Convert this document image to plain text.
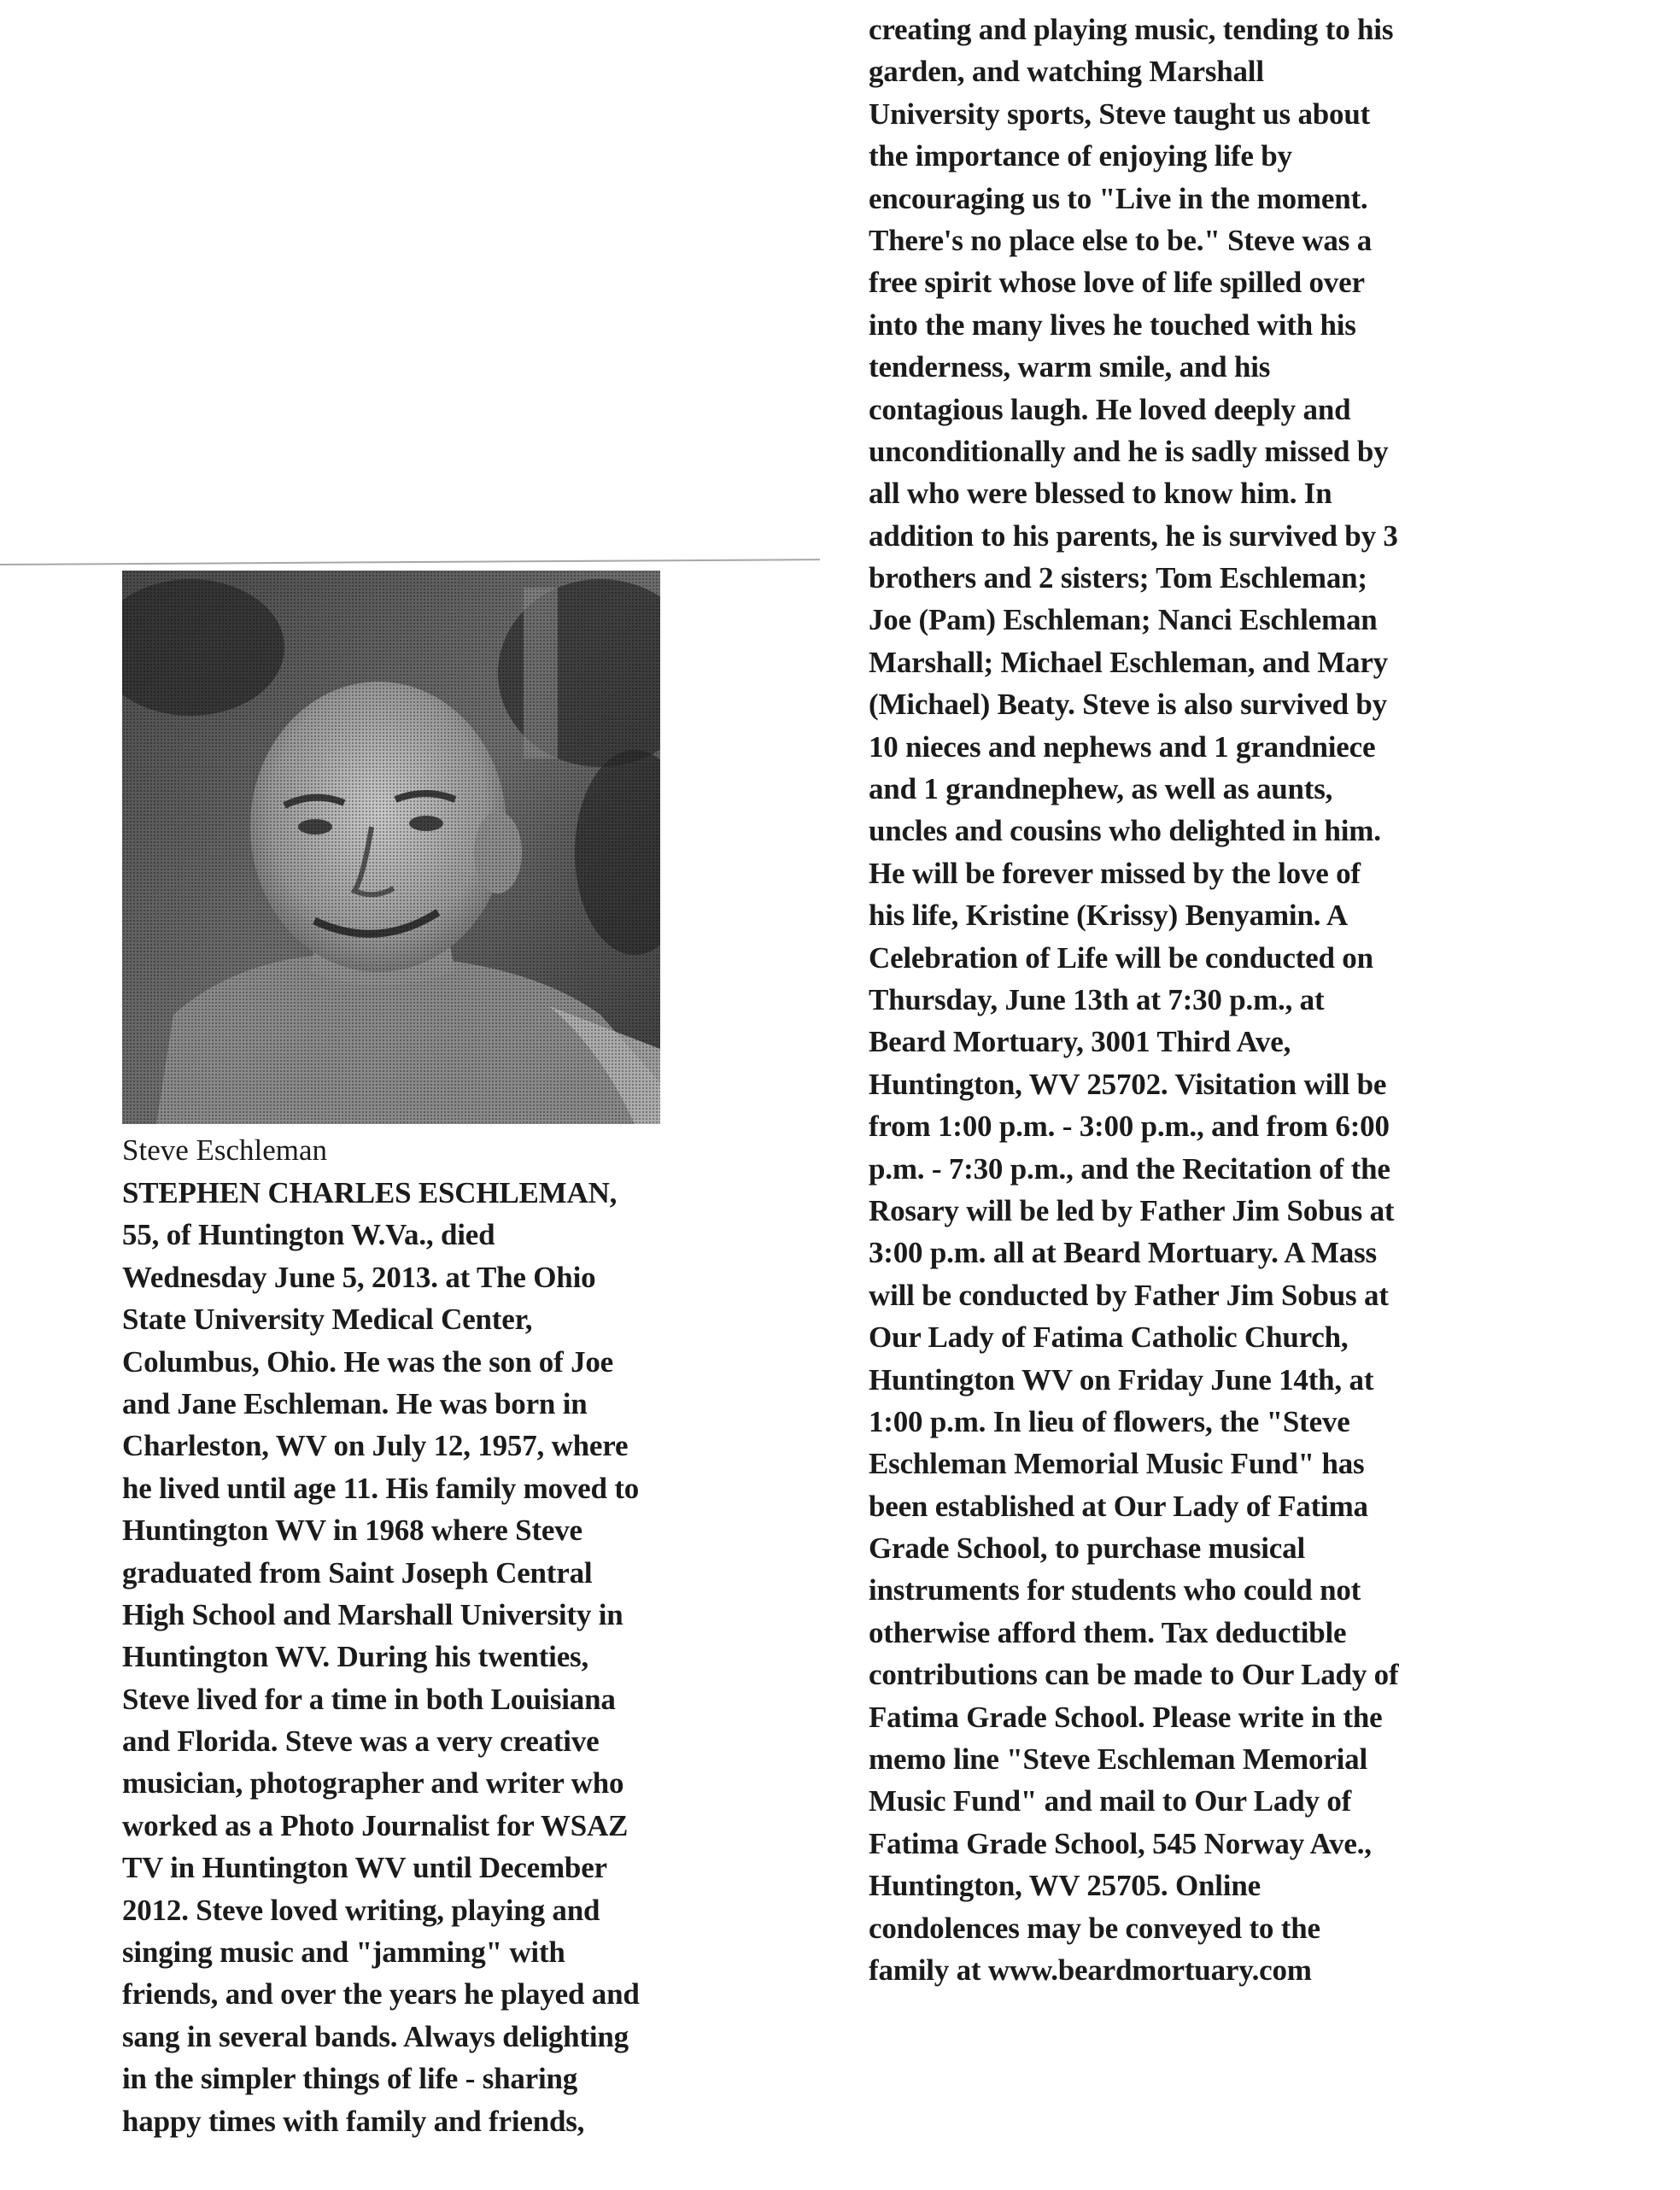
Steve Eschleman
STEPHEN CHARLES ESCHLEMAN,
55, of Huntington W.Va., died
Wednesday June 5, 2013. at The Ohio
State University Medical Center,
Columbus, Ohio. He was the son of Joe
and Jane Eschleman. He was born in
Charleston, WV on July 12, 1957, where
he lived until age 11. His family moved to
Huntington WV in 1968 where Steve
graduated from Saint Joseph Central
High School and Marshall University in
Huntington WV. During his twenties,
Steve lived for a time in both Louisiana
and Florida. Steve was a very creative
musician, photographer and writer who
worked as a Photo Journalist for WSAZ
TV in Huntington WV until December
2012. Steve loved writing, playing and
singing music and "jamming" with
friends, and over the years he played and
sang in several bands. Always delighting
in the simpler things of life - sharing
happy times with family and friends,
creating and playing music, tending to his
garden, and watching Marshall
University sports, Steve taught us about
the importance of enjoying life by
encouraging us to "Live in the moment.
There's no place else to be." Steve was a
free spirit whose love of life spilled over
into the many lives he touched with his
tenderness, warm smile, and his
contagious laugh. He loved deeply and
unconditionally and he is sadly missed by
all who were blessed to know him. In
addition to his parents, he is survived by 3
brothers and 2 sisters; Tom Eschleman;
Joe (Pam) Eschleman; Nanci Eschleman
Marshall; Michael Eschleman, and Mary
(Michael) Beaty. Steve is also survived by
10 nieces and nephews and 1 grandniece
and 1 grandnephew, as well as aunts,
uncles and cousins who delighted in him.
He will be forever missed by the love of
his life, Kristine (Krissy) Benyamin. A
Celebration of Life will be conducted on
Thursday, June 13th at 7:30 p.m., at
Beard Mortuary, 3001 Third Ave,
Huntington, WV 25702. Visitation will be
from 1:00 p.m. - 3:00 p.m., and from 6:00
p.m. - 7:30 p.m., and the Recitation of the
Rosary will be led by Father Jim Sobus at
3:00 p.m. all at Beard Mortuary. A Mass
will be conducted by Father Jim Sobus at
Our Lady of Fatima Catholic Church,
Huntington WV on Friday June 14th, at
1:00 p.m. In lieu of flowers, the "Steve
Eschleman Memorial Music Fund" has
been established at Our Lady of Fatima
Grade School, to purchase musical
instruments for students who could not
otherwise afford them. Tax deductible
contributions can be made to Our Lady of
Fatima Grade School. Please write in the
memo line "Steve Eschleman Memorial
Music Fund" and mail to Our Lady of
Fatima Grade School, 545 Norway Ave.,
Huntington, WV 25705. Online
condolences may be conveyed to the
family at www.beardmortuary.com
